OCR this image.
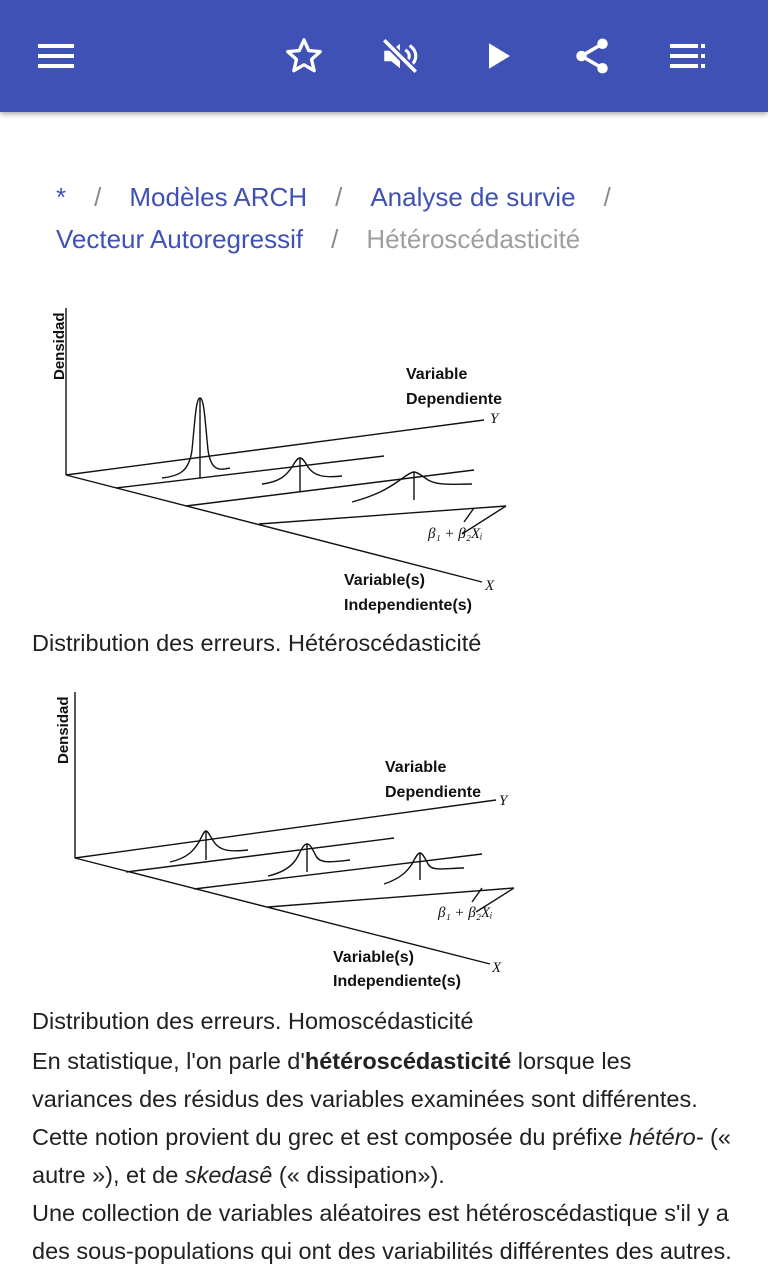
* / Modèles ARCH / Analyse de survie /
Vecteur Autoregressif / Hétéroscédasticité
Densidad	Variable
Dependiente
Y
β₁ + β₂Xᵢ
Variable(s)
Independiente(s)
X
Distribution des erreurs. Hétéroscédasticité
Densidad
Variable
Dependiente Y
β₁ + β₂Xᵢ
Variable(s)
Independiente(s)
X
Distribution des erreurs. Homoscédasticité

En statistique, l'on parle d'hétéroscédasticité lorsque les variances des résidus des variables examinées sont différentes. Cette notion provient du grec et est composée du préfixe hétéro- (« autre »), et de skedasê (« dissipation»).

Une collection de variables aléatoires est hétéroscédastique s'il y a des sous-populations qui ont des variabilités différentes des autres.
